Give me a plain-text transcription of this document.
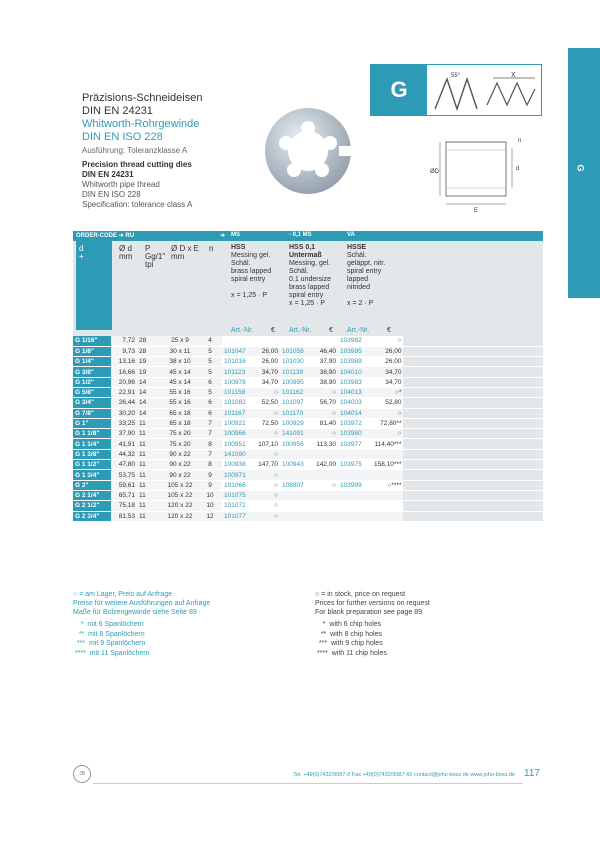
G
Präzisions-Schneideisen
DIN EN 24231
Whitworth-Rohrgewinde
DIN EN ISO 228
Ausführung: Toleranzklasse A
Precision thread cutting dies
DIN EN 24231
Whitworth pipe thread
DIN EN ISO 228
Specification: tolerance class A
G
55°	X
ØD
E
n
d
ORDER-CODE ➜ RU	➜ MS	- 0,1 MS	VA
d
+
Ø d
mm
P
Gg/1"
tpi
Ø D x E
mm
n	HSS
Messing gel.
Schäl.
brass lapped
spiral entry

x = 1,25 · P
HSS 0,1
Untermaß
Messing, gel.
Schäl.
0.1 undersize
brass lapped
spiral entry
x = 1,25 · P
HSSE
Schäl.
geläppt, nitr.
spiral entry
lapped
nitrided

x = 2 · P
Art.-Nr.	€ Art.-Nr.	€ Art.-Nr.	€
G 1/16"	7,72	28	25 x 9	4					103982	○	
G 1/8"	9,73	28	30 x 11	5	101047	26,00	101058	46,40	103995	26,00	
G 1/4"	13,16	19	38 x 10	5	101016	26,00	101030	37,90	103989	26,00	
G 3/8"	16,66	19	45 x 14	5	101123	34,70	101139	38,90	104010	34,70	
G 1/2"	20,96	14	45 x 14	6	100978	34,70	100995	38,90	103983	34,70	
G 5/8"	22,91	14	55 x 16	5	101158	○	101162	○	104013	○*	
G 3/4"	26,44	14	55 x 16	6	101082	52,50	101097	56,70	104003	52,80	
G 7/8"	30,20	14	65 x 18	6	101167	○	101170	○	104014	○	
G 1"	33,25	11	65 x 18	7	100921	72,50	100929	81,40	103972	72,80**	
G 1 1/8"	37,90	11	75 x 20	7	100966	○	141091	○	103980	○	
G 1 1/4"	41,91	11	75 x 20	8	100951	107,10	100956	113,30	103977	114,40***	
G 1 3/8"	44,32	11	90 x 22	7	141090	○					
G 1 1/2"	47,80	11	90 x 22	8	100938	147,70	100943	142,00	103975	158,10***	
G 1 3/4"	53,75	11	90 x 22	9	100971	○					
G 2"	59,61	11	105 x 22	9	101066	○	108807	○	103999	○****	
G 2 1/4"	65,71	11	105 x 22	10	101075	○					
G 2 1/2"	75,18	11	120 x 22	10	101072	○					
G 2 3/4"	81,53	11	120 x 22	12	101077	○					
○ = am Lager, Preis auf Anfrage
Preise für weitere Ausführungen auf Anfrage
Maße für Bolzengewinde siehe Seite 89
○ = in stock, price on request
Prices for further versions on request
For blank preparation see page 89
*  mit 6 Spanlöchern
**  mit 8 Spanlöchern
***  mit 9 Spanlöchern
****  mit 11 Spanlöchern
*  with 6 chip holes
**  with 8 chip holes
***  with 9 chip holes
****  with 11 chip holes
JB	Tel. +49(0)7432/9087-0 Fax +49(0)7432/9087-60 contact@joho-boss.de www.joho-boss.de 117
